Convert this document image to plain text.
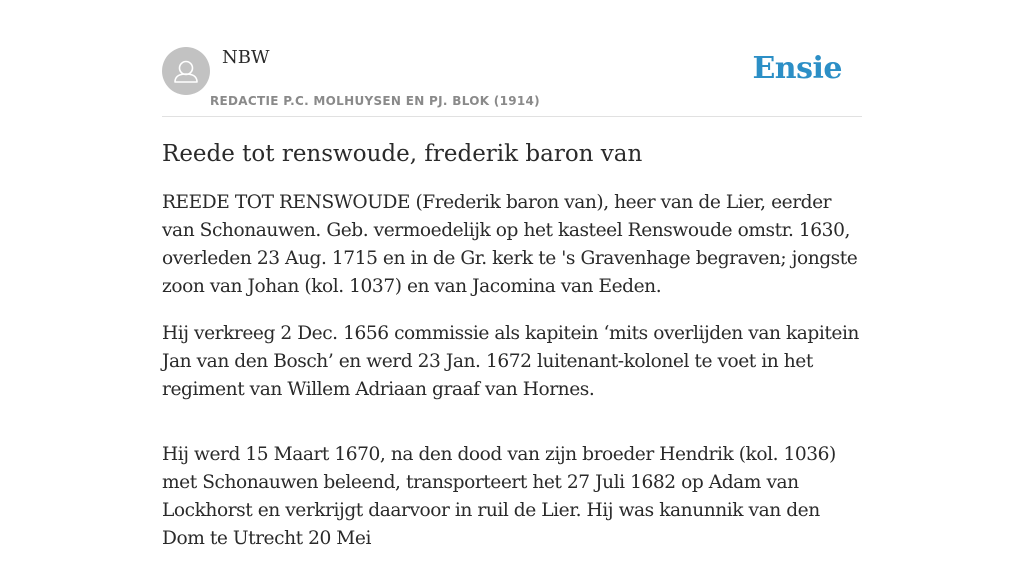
NBW
REDACTIE P.C. MOLHUYSEN EN PJ. BLOK (1914)
Ensie
Reede tot renswoude, frederik baron van

REEDE TOT RENSWOUDE (Frederik baron van), heer van de Lier, eerder van Schonauwen. Geb. vermoedelijk op het kasteel Renswoude omstr. 1630, overleden 23 Aug. 1715 en in de Gr. kerk te 's Gravenhage begraven; jongste zoon van Johan (kol. 1037) en van Jacomina van Eeden.

Hij verkreeg 2 Dec. 1656 commissie als kapitein ‘mits overlijden van kapitein Jan van den Bosch’ en werd 23 Jan. 1672 luitenant-kolonel te voet in het regiment van Willem Adriaan graaf van Hornes.

Hij werd 15 Maart 1670, na den dood van zijn broeder Hendrik (kol. 1036) met Schonauwen beleend, transporteert het 27 Juli 1682 op Adam van Lockhorst en verkrijgt daarvoor in ruil de Lier. Hij was kanunnik van den Dom te Utrecht 20 Mei
